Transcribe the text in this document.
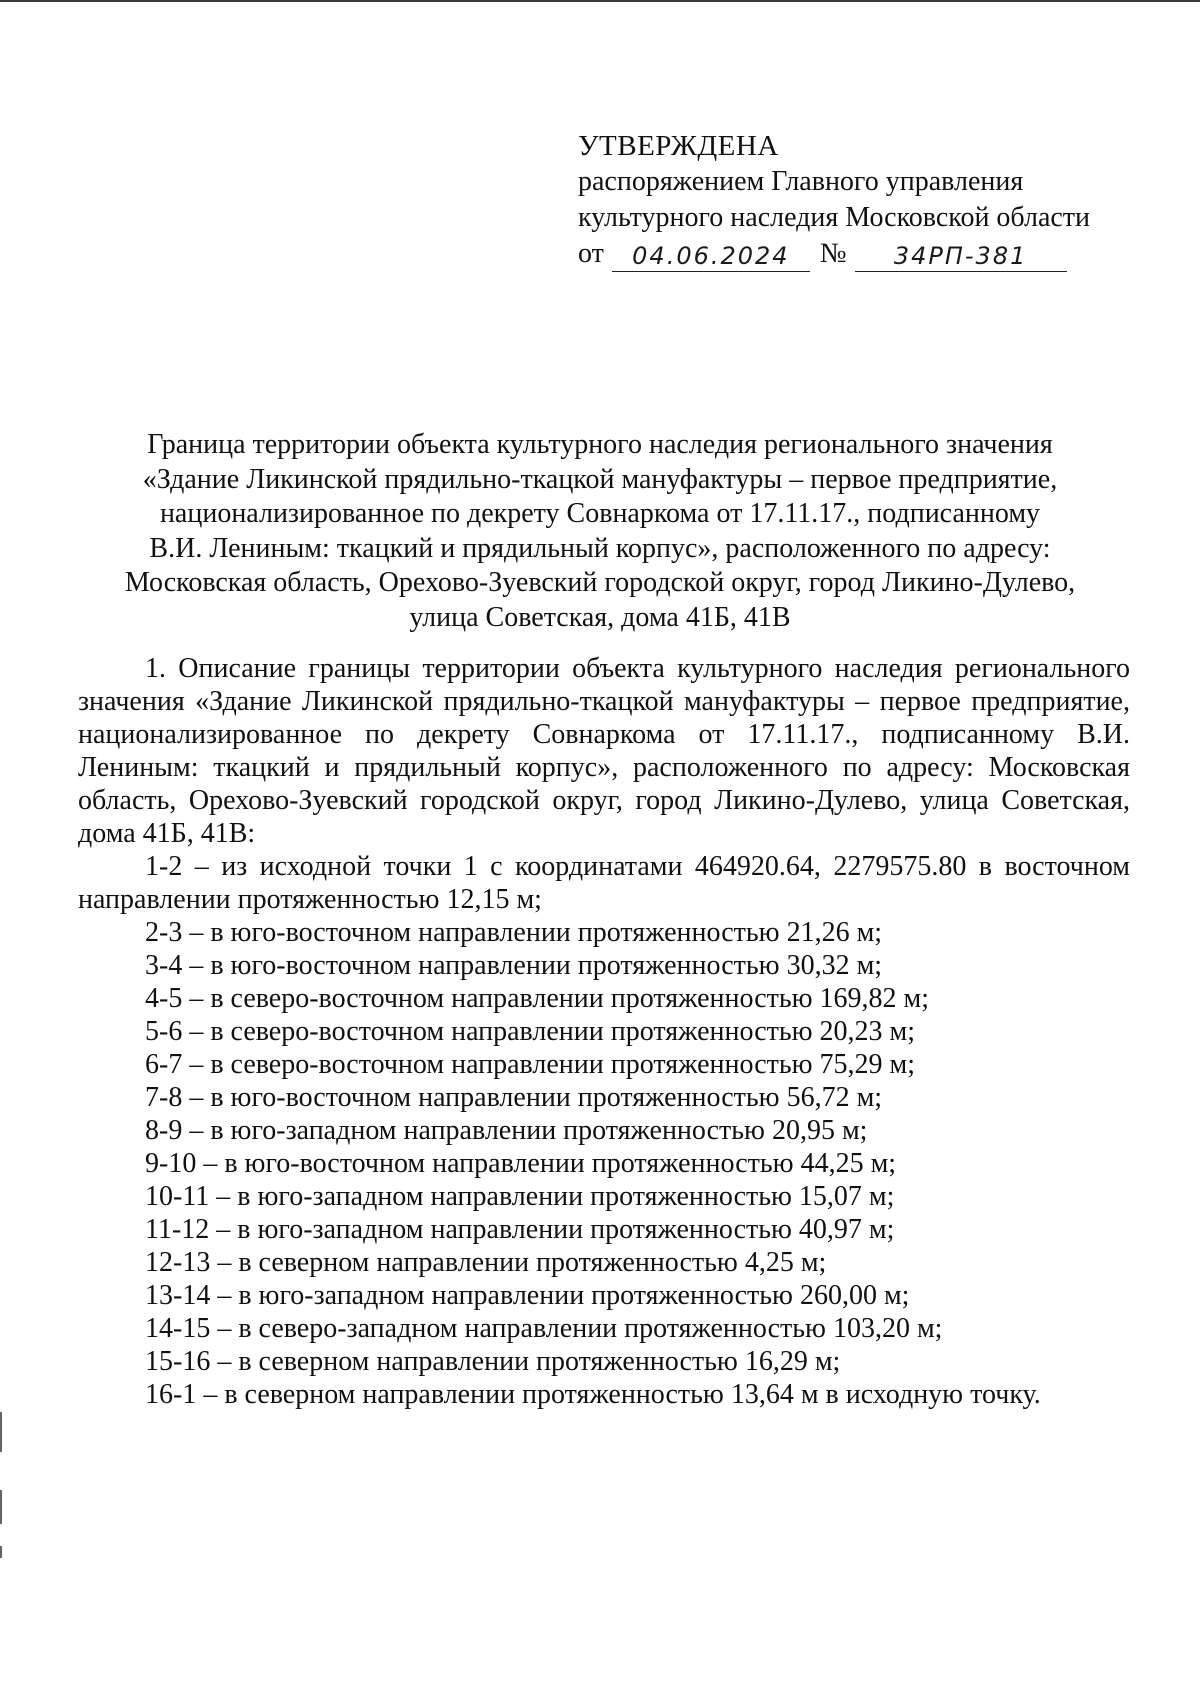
УТВЕРЖДЕНА
распоряжением Главного управления
культурного наследия Московской области
от 04.06.2024 № 34РП-381
Граница территории объекта культурного наследия регионального значения
«Здание Ликинской прядильно-ткацкой мануфактуры – первое предприятие,
национализированное по декрету Совнаркома от 17.11.17., подписанному
В.И. Лениным: ткацкий и прядильный корпус», расположенного по адресу:
Московская область, Орехово-Зуевский городской округ, город Ликино-Дулево,
улица Советская, дома 41Б, 41В

1. Описание границы территории объекта культурного наследия регионального значения «Здание Ликинской прядильно-ткацкой мануфактуры – первое предприятие, национализированное по декрету Совнаркома от 17.11.17., подписанному В.И. Лениным: ткацкий и прядильный корпус», расположенного по адресу: Московская область, Орехово-Зуевский городской округ, город Ликино-Дулево, улица Советская, дома 41Б, 41В:

1-2 – из исходной точки 1 с координатами 464920.64, 2279575.80 в восточном направлении протяженностью 12,15 м;

2-3 – в юго-восточном направлении протяженностью 21,26 м;
3-4 – в юго-восточном направлении протяженностью 30,32 м;
4-5 – в северо-восточном направлении протяженностью 169,82 м;
5-6 – в северо-восточном направлении протяженностью 20,23 м;
6-7 – в северо-восточном направлении протяженностью 75,29 м;
7-8 – в юго-восточном направлении протяженностью 56,72 м;
8-9 – в юго-западном направлении протяженностью 20,95 м;
9-10 – в юго-восточном направлении протяженностью 44,25 м;
10-11 – в юго-западном направлении протяженностью 15,07 м;
11-12 – в юго-западном направлении протяженностью 40,97 м;
12-13 – в северном направлении протяженностью 4,25 м;
13-14 – в юго-западном направлении протяженностью 260,00 м;
14-15 – в северо-западном направлении протяженностью 103,20 м;
15-16 – в северном направлении протяженностью 16,29 м;
16-1 – в северном направлении протяженностью 13,64 м в исходную точку.
